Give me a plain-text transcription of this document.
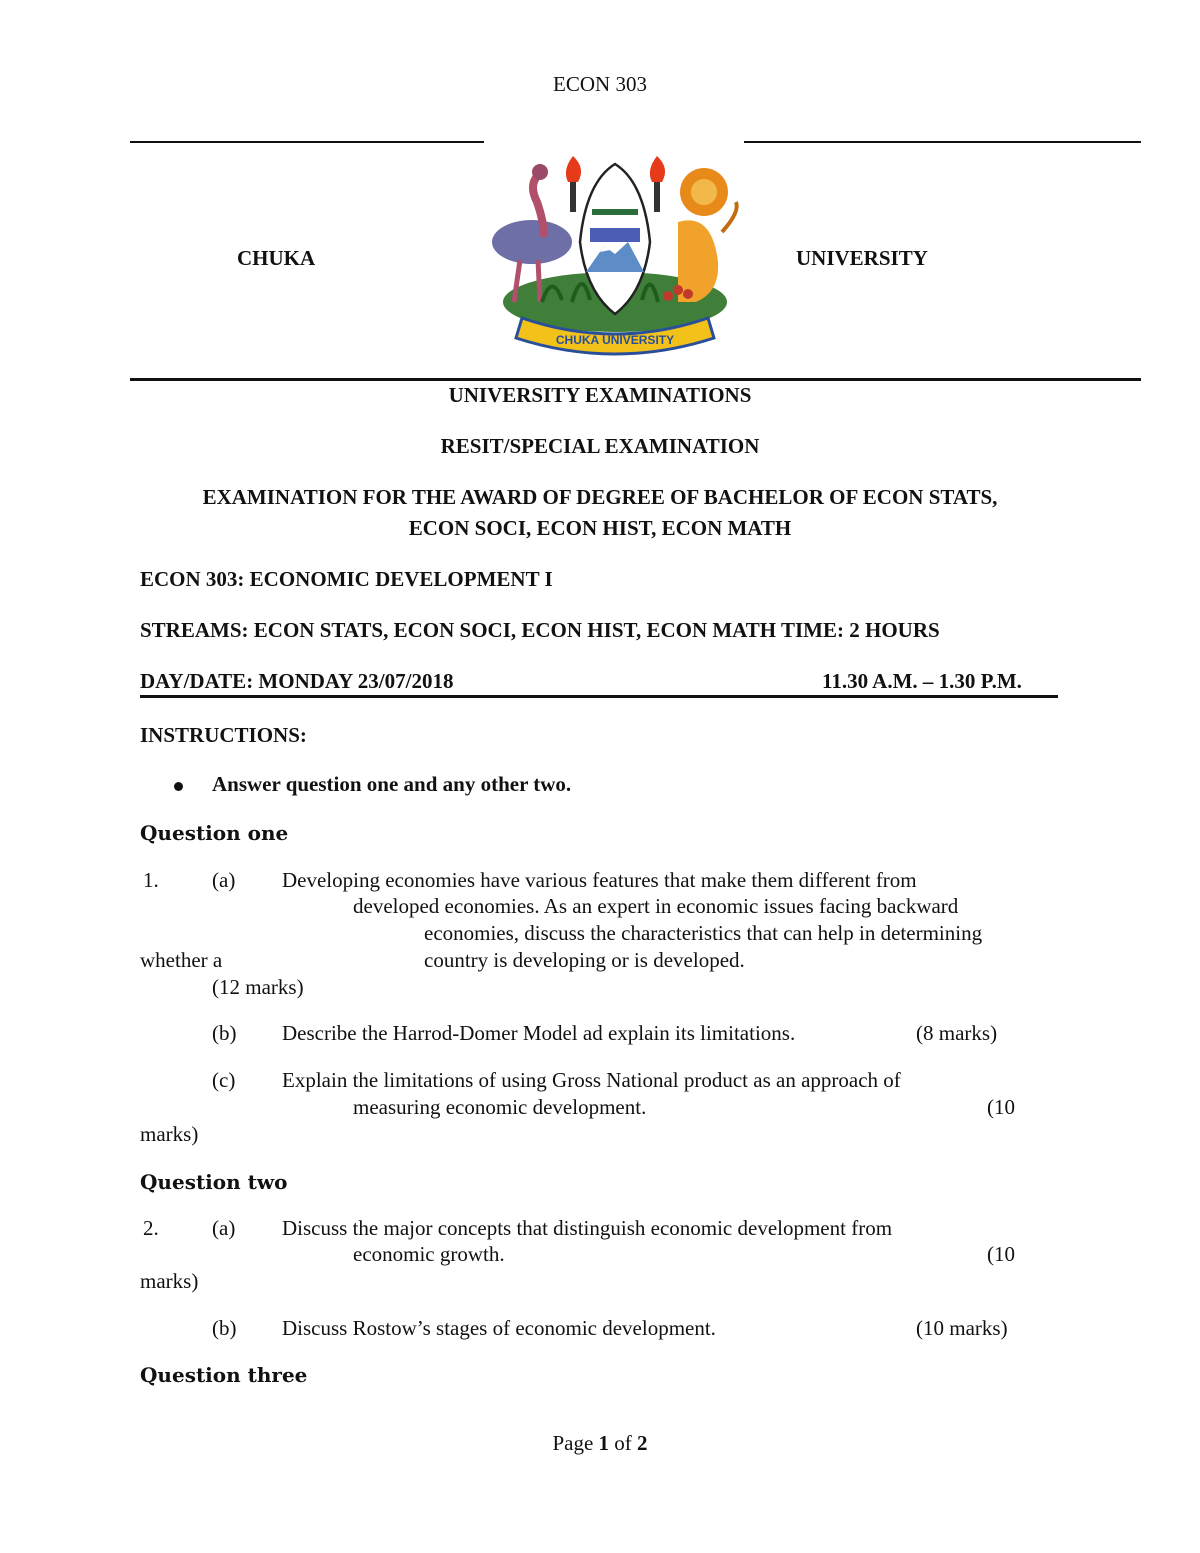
ECON 303
CHUKA	UNIVERSITY
CHUKA UNIVERSITY
UNIVERSITY EXAMINATIONS
RESIT/SPECIAL EXAMINATION
EXAMINATION FOR THE AWARD OF DEGREE OF BACHELOR OF ECON STATS,
ECON SOCI, ECON HIST, ECON MATH
ECON 303: ECONOMIC DEVELOPMENT I
STREAMS: ECON STATS, ECON SOCI, ECON HIST, ECON MATH TIME: 2 HOURS
DAY/DATE: MONDAY 23/07/2018	11.30 A.M. – 1.30 P.M.
INSTRUCTIONS:
Answer question one and any other two.
Question one
1.	(a) Developing economies have various features that make them different from
developed economies. As an expert in economic issues facing backward
economies, discuss the characteristics that can help in determining
whether a	country is developing or is developed.
(12 marks)
(b) Describe the Harrod-Domer Model ad explain its limitations.	(8 marks)
(c) Explain the limitations of using Gross National product as an approach of
measuring economic development.	(10
marks)
Question two
2.	(a) Discuss the major concepts that distinguish economic development from
economic growth.	(10
marks)
(b) Discuss Rostow’s stages of economic development.	(10 marks)
Question three
Page 1 of 2
